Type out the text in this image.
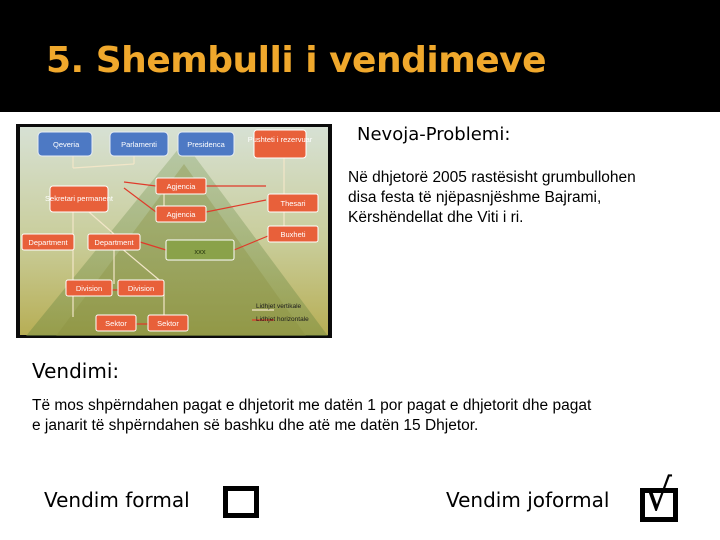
5. Shembulli i vendimeve
Qeveria	Parlamenti	Presidenca
Pushteti i rezervuar
Sekretari permanent
Agjencia
Agjencia
Thesari
Department	Department
xxx
Buxheti
Division	Division
Sektor	Sektor
Lidhjet vertikale
Lidhjet horizontale
Nevoja-Problemi:
Në dhjetorë 2005 rastësisht grumbullohen
disa festa të njëpasnjëshme Bajrami,
Kërshëndellat dhe Viti i ri.
Vendimi:
Të mos shpërndahen pagat e dhjetorit me datën 1 por pagat e dhjetorit dhe pagat
e janarit të shpërndahen së bashku dhe atë me datën 15 Dhjetor.
Vendim formal	Vendim joformal √
